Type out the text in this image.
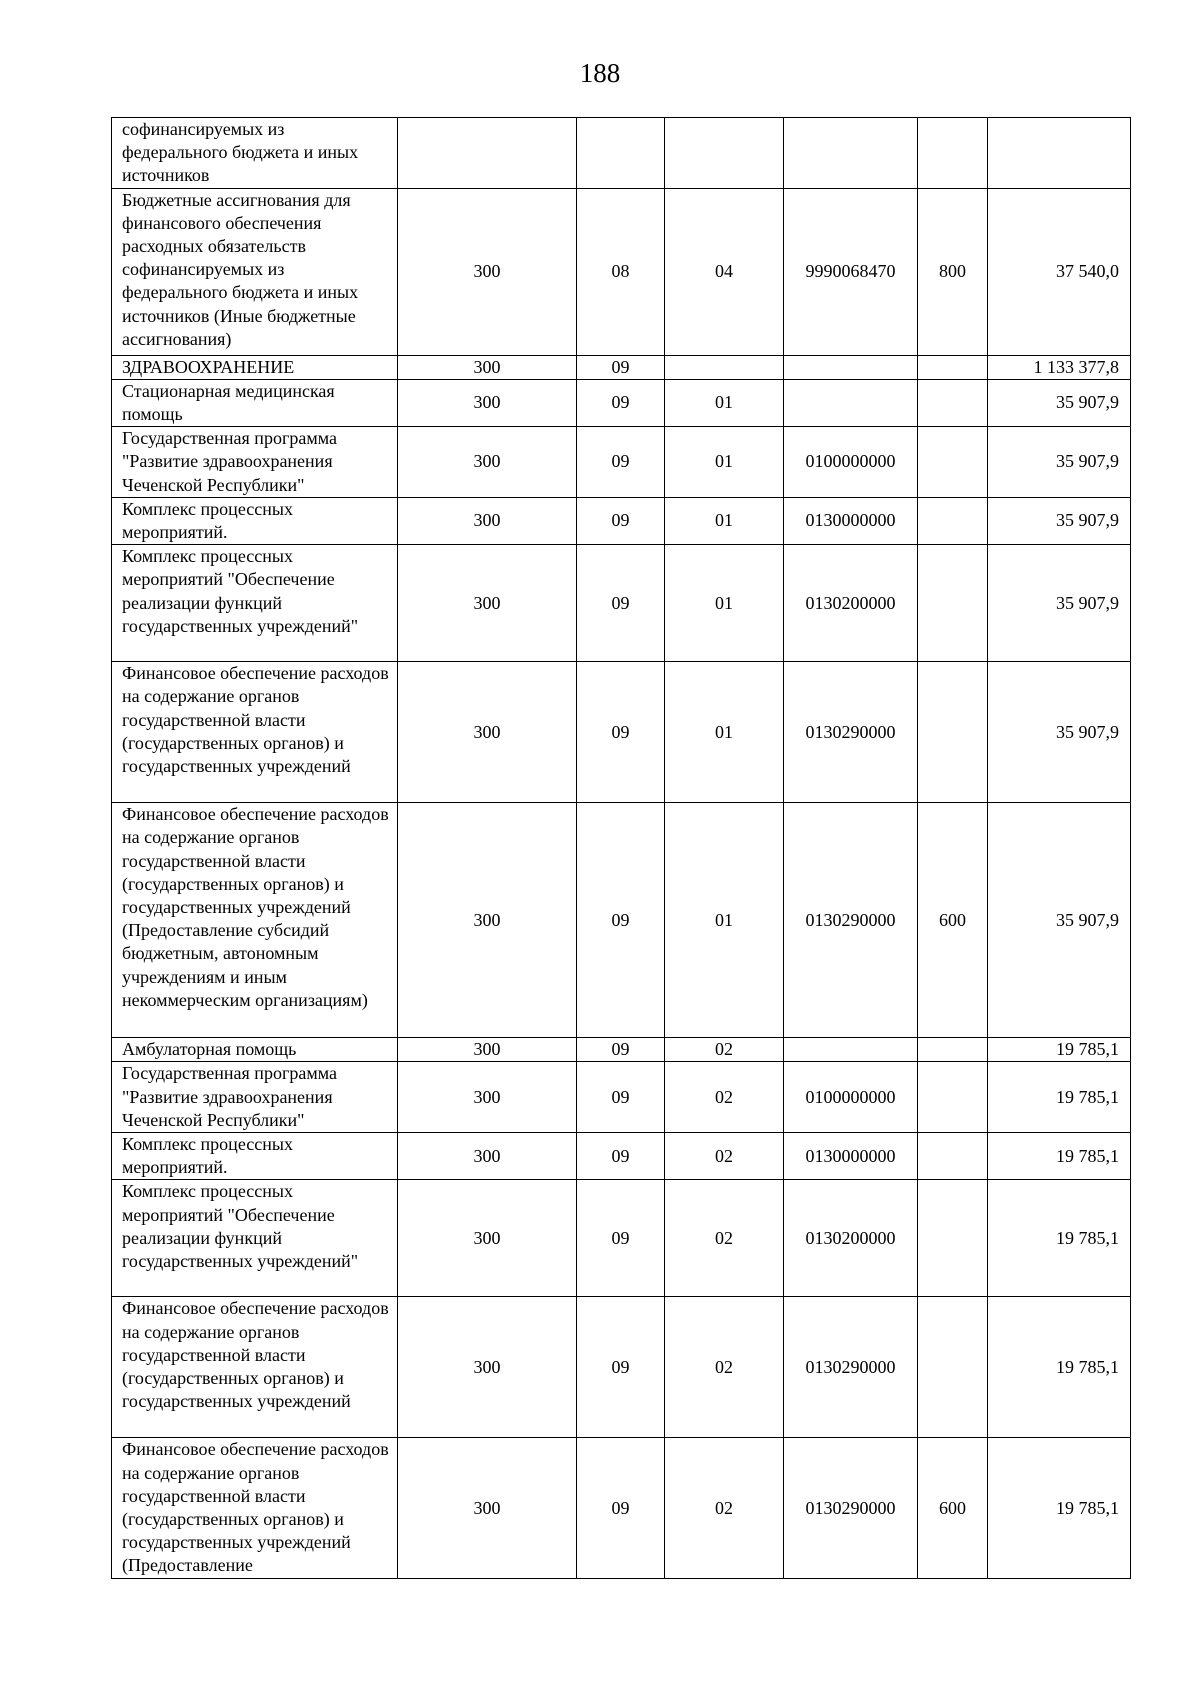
188
софинансируемых из федерального бюджета и иных источников						
Бюджетные ассигнования для финансового обеспечения расходных обязательств софинансируемых из федерального бюджета и иных источников (Иные бюджетные ассигнования)	300	08	04	9990068470	800	37 540,0
ЗДРАВООХРАНЕНИЕ	300	09				1 133 377,8
Стационарная медицинская помощь	300	09	01			35 907,9
Государственная программа "Развитие здравоохранения Чеченской Республики"	300	09	01	0100000000		35 907,9
Комплекс процессных мероприятий.	300	09	01	0130000000		35 907,9
Комплекс процессных мероприятий "Обеспечение реализации функций государственных учреждений"	300	09	01	0130200000		35 907,9
Финансовое обеспечение расходов на содержание органов государственной власти (государственных органов) и государственных учреждений	300	09	01	0130290000		35 907,9
Финансовое обеспечение расходов на содержание органов государственной власти (государственных органов) и государственных учреждений (Предоставление субсидий бюджетным, автономным учреждениям и иным некоммерческим организациям)	300	09	01	0130290000	600	35 907,9
Амбулаторная помощь	300	09	02			19 785,1
Государственная программа "Развитие здравоохранения Чеченской Республики"	300	09	02	0100000000		19 785,1
Комплекс процессных мероприятий.	300	09	02	0130000000		19 785,1
Комплекс процессных мероприятий "Обеспечение реализации функций государственных учреждений"	300	09	02	0130200000		19 785,1
Финансовое обеспечение расходов на содержание органов государственной власти (государственных органов) и государственных учреждений	300	09	02	0130290000		19 785,1
Финансовое обеспечение расходов на содержание органов государственной власти (государственных органов) и государственных учреждений (Предоставление	300	09	02	0130290000	600	19 785,1
